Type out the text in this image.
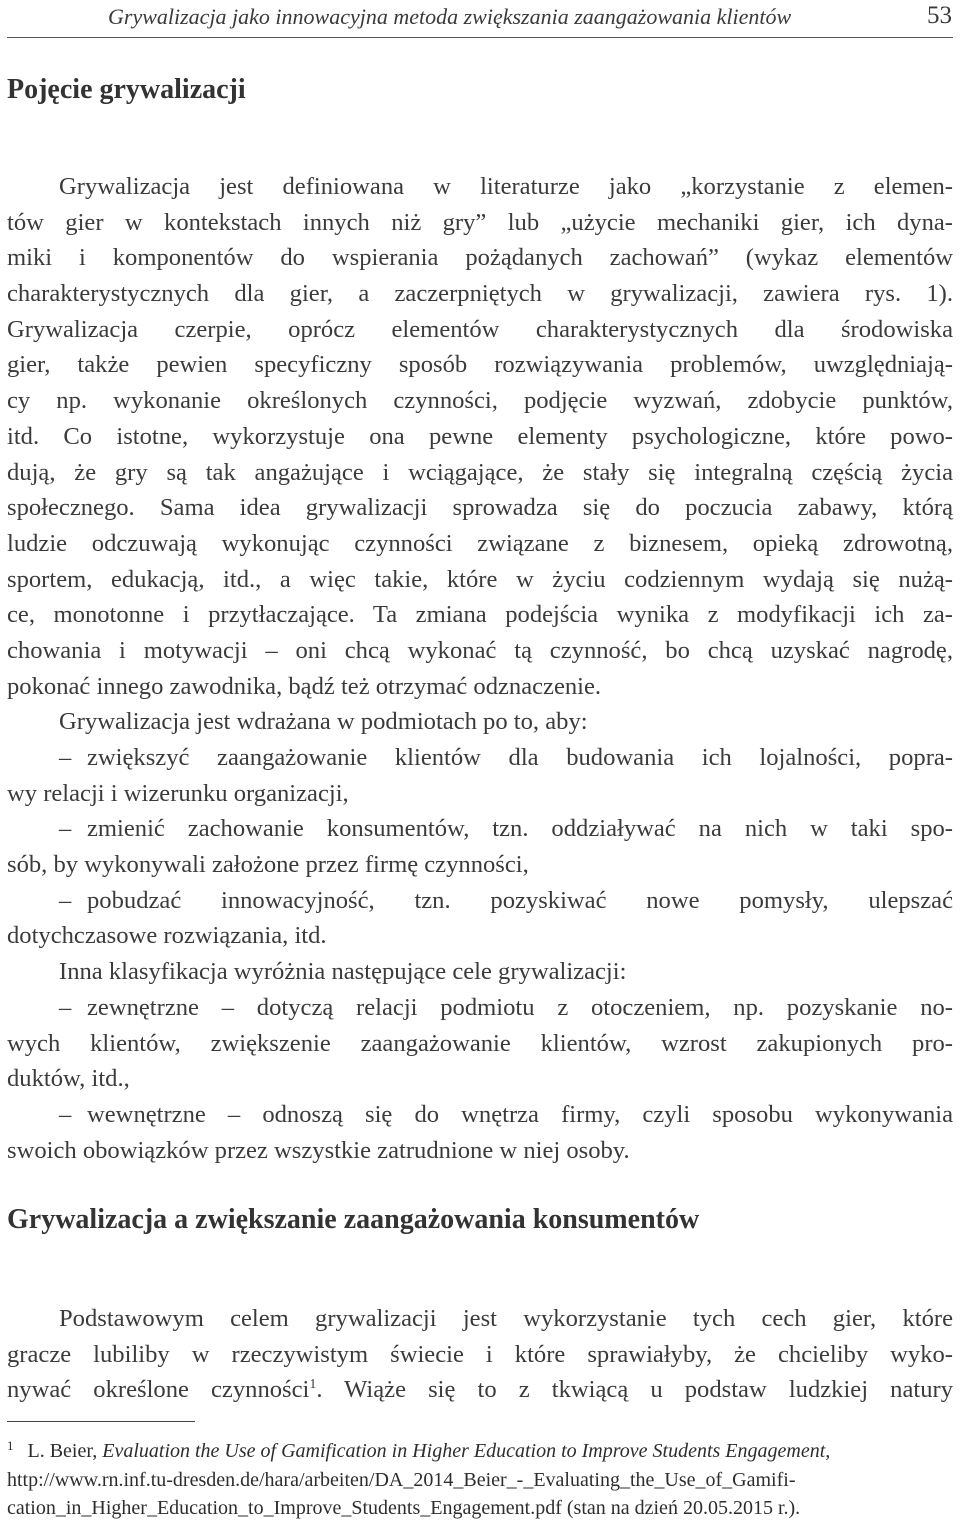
Grywalizacja jako innowacyjna metoda zwiększania zaangażowania klientów	53
Pojęcie grywalizacji
Grywalizacja jest definiowana w literaturze jako „korzystanie z elemen-
tów gier w kontekstach innych niż gry” lub „użycie mechaniki gier, ich dyna-
miki i komponentów do wspierania pożądanych zachowań” (wykaz elementów
charakterystycznych dla gier, a zaczerpniętych w grywalizacji, zawiera rys. 1).
Grywalizacja czerpie, oprócz elementów charakterystycznych dla środowiska
gier, także pewien specyficzny sposób rozwiązywania problemów, uwzględniają-
cy np. wykonanie określonych czynności, podjęcie wyzwań, zdobycie punktów,
itd. Co istotne, wykorzystuje ona pewne elementy psychologiczne, które powo-
dują, że gry są tak angażujące i wciągające, że stały się integralną częścią życia
społecznego. Sama idea grywalizacji sprowadza się do poczucia zabawy, którą
ludzie odczuwają wykonując czynności związane z biznesem, opieką zdrowotną,
sportem, edukacją, itd., a więc takie, które w życiu codziennym wydają się nużą-
ce, monotonne i przytłaczające. Ta zmiana podejścia wynika z modyfikacji ich za-
chowania i motywacji – oni chcą wykonać tą czynność, bo chcą uzyskać nagrodę,
pokonać innego zawodnika, bądź też otrzymać odznaczenie.
Grywalizacja jest wdrażana w podmiotach po to, aby:
– zwiększyć zaangażowanie klientów dla budowania ich lojalności, popra-
wy relacji i wizerunku organizacji,
– zmienić zachowanie konsumentów, tzn. oddziaływać na nich w taki spo-
sób, by wykonywali założone przez firmę czynności,
– pobudzać innowacyjność, tzn. pozyskiwać nowe pomysły, ulepszać
dotychczasowe rozwiązania, itd.
Inna klasyfikacja wyróżnia następujące cele grywalizacji:
– zewnętrzne – dotyczą relacji podmiotu z otoczeniem, np. pozyskanie no-
wych klientów, zwiększenie zaangażowanie klientów, wzrost zakupionych pro-
duktów, itd.,
– wewnętrzne – odnoszą się do wnętrza firmy, czyli sposobu wykonywania
swoich obowiązków przez wszystkie zatrudnione w niej osoby.
Grywalizacja a zwiększanie zaangażowania konsumentów
Podstawowym celem grywalizacji jest wykorzystanie tych cech gier, które
gracze lubiliby w rzeczywistym świecie i które sprawiałyby, że chcieliby wyko-
nywać określone czynności$^1$. Wiąże się to z tkwiącą u podstaw ludzkiej natury
$^1$ L. Beier, Evaluation the Use of Gamification in Higher Education to Improve Students Engagement,
http://www.rn.inf.tu-dresden.de/hara/arbeiten/DA_2014_Beier_-_Evaluating_the_Use_of_Gamifi-
cation_in_Higher_Education_to_Improve_Students_Engagement.pdf (stan na dzień 20.05.2015 r.).
